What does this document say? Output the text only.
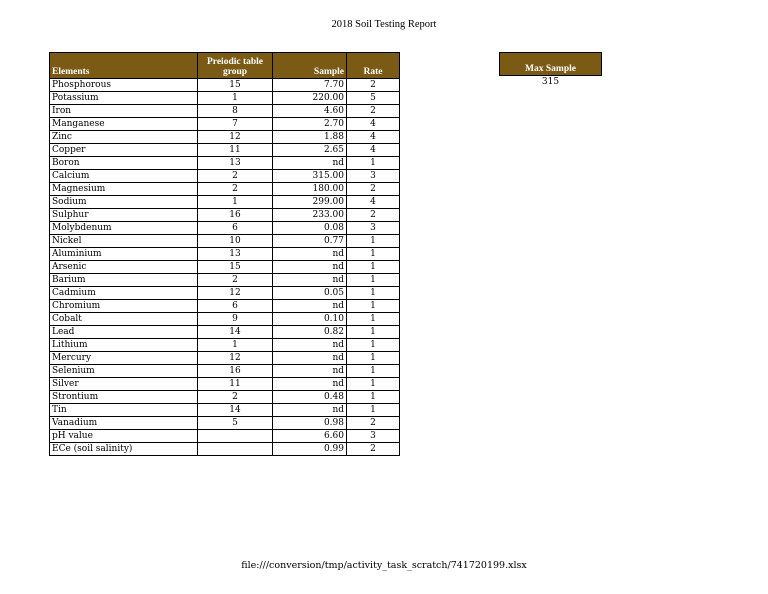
2018 Soil Testing Report
Elements	Preiodic table group	Sample	Rate
Phosphorous	15	7.70	2
Potassium	1	220.00	5
Iron	8	4.60	2
Manganese	7	2.70	4
Zinc	12	1.88	4
Copper	11	2.65	4
Boron	13	nd	1
Calcium	2	315.00	3
Magnesium	2	180.00	2
Sodium	1	299.00	4
Sulphur	16	233.00	2
Molybdenum	6	0.08	3
Nickel	10	0.77	1
Aluminium	13	nd	1
Arsenic	15	nd	1
Barium	2	nd	1
Cadmium	12	0.05	1
Chromium	6	nd	1
Cobalt	9	0.10	1
Lead	14	0.82	1
Lithium	1	nd	1
Mercury	12	nd	1
Selenium	16	nd	1
Silver	11	nd	1
Strontium	2	0.48	1
Tin	14	nd	1
Vanadium	5	0.98	2
pH value		6.60	3
ECe (soil salinity)		0.99	2
Max Sample
315
file:///conversion/tmp/activity_task_scratch/741720199.xlsx
